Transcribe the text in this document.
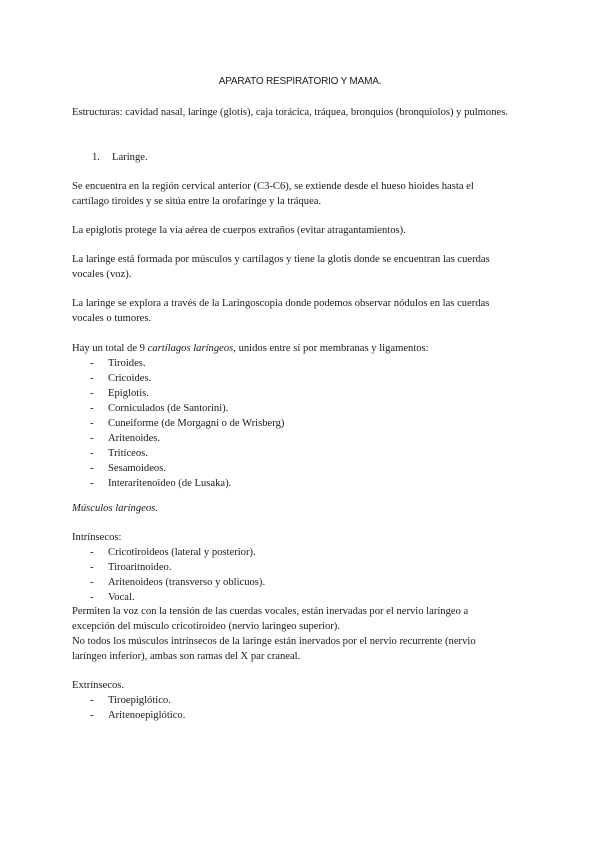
APARATO RESPIRATORIO Y MAMA.

Estructuras: cavidad nasal, laringe (glotis), caja torácica, tráquea, bronquios (bronquiolos) y pulmones.

1. Laringe.

Se encuentra en la región cervical anterior (C3-C6), se extiende desde el hueso hioides hasta el cartílago tiroides y se sitúa entre la orofaringe y la tráquea.

La epiglotis protege la vía aérea de cuerpos extraños (evitar atragantamientos).

La laringe está formada por músculos y cartílagos y tiene la glotis donde se encuentran las cuerdas vocales (voz).

La laringe se explora a través de la Laringoscopia donde podemos observar nódulos en las cuerdas vocales o tumores.

Hay un total de 9 cartílagos laríngeos, unidos entre sí por membranas y ligamentos:

- Tiroides.
- Cricoides.
- Epiglotis.
- Corniculados (de Santorini).
- Cuneiforme (de Morgagni o de Wrisberg)
- Aritenoides.
- Tritíceos.
- Sesamoideos.
- Interaritenoideo (de Lusaka).

Músculos laríngeos.

Intrínsecos:

- Cricotiroideos (lateral y posterior).
- Tiroaritnoideo.
- Aritenoideos (transverso y oblicuos).
- Vocal.

Permiten la voz con la tensión de las cuerdas vocales, están inervadas por el nervio laríngeo a excepción del músculo cricotiroideo (nervio laríngeo superior).

No todos los músculos intrínsecos de la laringe están inervados por el nervio recurrente (nervio laríngeo inferior), ambas son ramas del X par craneal.

Extrínsecos.

- Tiroepiglótico.
- Aritenoepiglótico.
